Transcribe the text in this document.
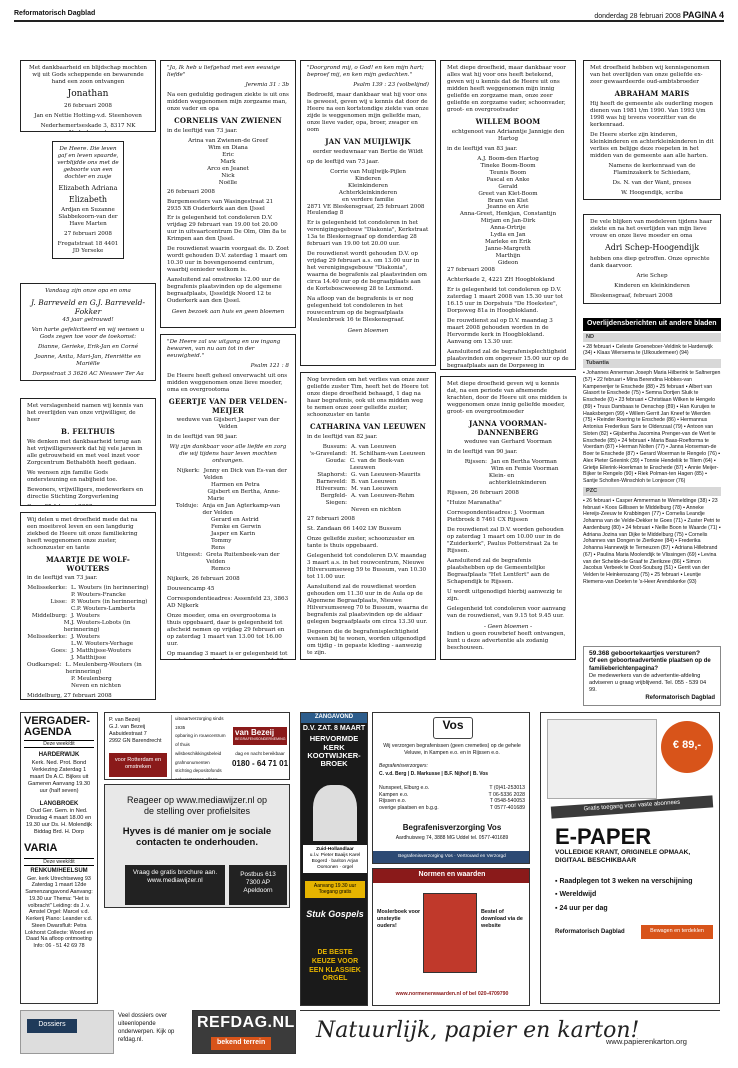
Reformatorisch Dagblad	donderdag 28 februari 2008 PAGINA 4

Met dankbaarheid en blijdschap mochten wij uit Gods scheppende en bewarende hand een zoon ontvangen

Jonathan

26 februari 2008

Jan en Nettie Hotting-v.d. Steenhoven

Nederhemertseskade 3, 8317 NK

De Heere. Die leven gaf en leven spaarde, verblijdde ons met de geboorte van een dochter en zusje

Elizabeth Adriana

Elizabeth

Ardjan en Suzanne Slabbekoorn-van der Have Marten

27 februari 2008

Fregatstraat 18 4401 JD Yerseke

Vandaag zijn onze opa en oma

J. Barreveld en G.J. Barreveld-Fokker

45 jaar getrouwd!

Van harte gefeliciteerd en wij wensen u Gods zegen toe voor de toekomst:

Dianne, Gerieke, Erik-Jan en Corné

Joanne, Anita, Mari-Jan, Henriëtte en Mariëlle

Dorpsstraat 3 3626 AC Nieuwer Ter Aa

Met verslagenheid namen wij kennis van het overlijden van onze vrijwilliger, de heer

B. FELTHUIS

We denken met dankbaarheid terug aan het vrijwilligerswerk dat hij vele jaren in alle getrouwheid en met veel inzet voor Zorgcentrum Bethaböth heeft gedaan.

We wensen zijn familie Gods ondersteuning en nabijheid toe.

Bewoners, vrijwilligers, medewerkers en directie Stichting Zorgverlening

Wij delen u met droefheid mede dat na een moeitevol leven en een langdurig ziekbed de Heere uit onze familiekring heeft weggenomen onze zuster, schoonzuster en tante

MAARTJE DE WOLF-WOUTERS

in de leeftijd van 73 jaar.

Melissekerke: L. Wouters (in herinnering)
P. Wouters-Francke
Lisse: P. Wouters (in herinnering)
C.P. Wouters-Lamberts
Middelburg: J. Wouters
M.J. Wouters-Lobots (in herinnering)
Melissekerke: J. Wouters
L.W. Wouters-Verhage
Goes: J. Matthijsse-Wouters
J. Matthijsse
Oudkarspel: L. Meulenberg-Wouters (in herinnering)
P. Meulenberg
Neven en nichten

Middelburg, 27 februari 2008

"Ja, Ik heb u liefgehad met een eeuwige liefde"

Jeremia 31 : 3b

Na een geduldig gedragen ziekte is uit ons midden weggenomen mijn zorgzame man, onze vader en opa

CORNELIS VAN ZWIENEN

in de leeftijd van 73 jaar.

Arina van Zwienen-de Greef
Wim en Diana
Eric
Mark
Arco en Jeanet
Nick
Noëlle

26 februari 2008

Burgemeesters van Wasingestraat 21 2935 XB Ouderkerk aan den IJssel

Er is gelegenheid tot condoleren D.V. vrijdag 29 februari van 19.00 tot 20.00 uur in uitvaartcentrum De Olm, Olm 8a te Krimpen aan den IJssel.

De rouwdienst waarin voorgaat ds. D. Zoet wordt gehouden D.V. zaterdag 1 maart om 10.30 uur in bovengenoemd centrum, waarbij eenieder welkom is.

Aansluitend zal omstreeks 12.00 uur de begrafenis plaatsvinden op de algemene begraafplaats, IJsseldijk Noord 12 te Ouderkerk aan den IJssel.

Geen bezoek aan huis en geen bloemen

"De Heere zal uw uitgang en uw ingang bewaren, van nu aan tot in der eeuwigheid."

Psalm 121 : 8

De Heere heeft geheel onverwacht uit ons midden weggenomen onze lieve moeder, oma en overgrootoma

GEERTJE VAN DER VELDEN-MEIJER

weduwe van Gijsbert Jasper van der Velden

in de leeftijd van 98 jaar.

Wij zijn dankbaar voor alle liefde en zorg die wij tijdens haar leven mochten ontvangen.

Nijkerk: Jenny en Dick van Es-van der Velden
Harmen en Petra
Gijsbert en Bertha, Anne-Marie
Tolduje: Anja en Jan Agterkamp-van der Velden
Gerard en Astrid
Femke en Gerwin
Jasper en Karin
Tommy
Rens
Uitgeest: Greta Ruitenbeek-van der Velden
Remco

Nijkerk, 26 februari 2008

Douwencamp 45

Correspondentieadres: Assenfeld 23, 3863 AD Nijkerk

Onze moeder, oma en overgrootoma is thuis opgebaard, daar is gelegenheid tot afscheid nemen op vrijdag 29 februari en op zaterdag 1 maart van 13.00 tot 16.00 uur.

Op maandag 3 maart is er gelegenheid tot

"Doorgrond mij, o God! en ken mijn hart; beproef mij, en ken mijn gedachten."

Psalm 139 : 23 (volbelijnd)

Bedroefd, maar dankbaar wat hij voor ons is geweest, geven wij u kennis dat door de Heere na een kortstondige ziekte van onze zijde is weggenomen mijn geliefde man, onze lieve vader, opa, broer, zwager en oom

JAN VAN MUIJLWIJK

eerder weduwnaar van Bertie de Wildt

op de leeftijd van 73 jaar.

Corrie van Muijlwijk-Pijlen
Kinderen
Kleinkinderen
Achterkleinkinderen
en verdere familie

2871 VE Bleskensgraaf, 25 februari 2008 Heulendag 8

Er is gelegenheid tot condoleren in het verenigingsgebouw "Diakonia", Kerkstraat 13a te Bleskensgraaf op donderdag 28 februari van 19.00 tot 20.00 uur.

De rouwdienst wordt gehouden D.V. op vrijdag 29 februari a.s. om 13.00 uur in het verenigingsgebouw "Diakonia", waarna de begrafenis zal plaatsvinden om circa 14.40 uur op de begraafplaats aan de Korteboscweeweg 28 te Lexmond.

Na afloop van de begrafenis is er nog gelegenheid tot condoleren in het rouwcentrum op de begraafplaats Meulenbroek 16 te Bleskensgraaf.

Geen bloemen

Nog tevreden om het verlies van onze zeer geliefde zuster Tim, heeft het de Heere tot onze diepe droefheid behaagd, 1 dag na haar begrafenis, ook uit ons midden weg te nemen onze zeer geliefde zuster, schoonzuster en tante

CATHARINA VAN LEEUWEN

in de leeftijd van 82 jaar.

Bussum: A. van Leeuwen
's-Graveland: H. Schilham-van Leeuwen
Gouda: C. van de Beek-van Leeuwen
Staphorst: G. van Leeuwen-Maurits
Barneveld: B. van Leeuwen
Hilversum: M. van Leeuwen
Bergfeld-Siegen:
A. van Leeuwen-Rehm
Neven en nichten

27 februari 2008

St. Zandaan 66 1402 LW Bussum

Onze geliefde zuster, schoonzuster en tante is thuis opgebaard.

Gelegenheid tot condoleren D.V. maandag 3 maart a.s. in het rouwcentrum, Nieuwe Hilversumseweg 59 te Bussum, van 10.30 tot 11.00 uur.

Aansluitend zal de rouwdienst worden gehouden om 11.30 uur in de Aula op de Algemene Begraafplaats, Nieuwe Hilversumseweg 70 te Bussum, waarna de begrafenis zal plaatsvinden op de aldaar gelegen begraafplaats om circa 13.30 uur.

Degenen die de begrafenisplechtigheid wensen bij te wonen, worden uitgenodigd om tijdig - in gepaste kleding - aanwezig te zijn.

Met diepe droefheid, maar dankbaar voor alles wat hij voor ons heeft betekend, geven wij u kennis dat de Heere uit ons midden heeft weggenomen mijn innig geliefde en zorgzame man, onze zeer geliefde en zorgzame vader, schoonvader, groot- en overgrootvader

WILLEM BOOM

echtgenoot van Adrianntje Jannigje den Hartog

in de leeftijd van 83 jaar.

A.J. Boom-den Hartog
Tineke Boom-Boom
Teunis Boom
Pascal en Anke
Gerald
Greet van Klet-Boom
Bram van Klet
Jeanne en Arie
Anna-Greet, Henkjan, Constantijn
Mirjam en Jan-Dirk
Anna-Ortrije
Lydia en Jan
Marleke en Erik
Janne-Margreth
Marthijn
Gideon

27 februari 2008

Achterkade 2, 4221 ZH Hoogblokland

Er is gelegenheid tot condoleren op D.V. zaterdag 1 maart 2008 van 15.30 uur tot 16.15 uur in Dorpshuis "De Hoekstee", Dorpsweg 81a in Hoogblokland.

De rouwdienst zal op D.V. maandag 3 maart 2008 gehouden worden in de Hervormde kerk in Hoogblokland. Aanvang om 13.30 uur.

Aansluitend zal de begrafenisplechtigheid plaatsvinden om ongeveer 15.00 uur op de begraafplaats aan de Dorpsweg in

Met diepe droefheid geven wij u kennis dat, na een periode van afnemende krachten, door de Heere uit ons midden is weggenomen onze innig geliefde moeder, groot- en overgrootmoeder

JANNA VOORMAN-DANNENBERG

weduwe van Gerhard Voorman

in de leeftijd van 90 jaar.

Rijssen: Jan en Bertha Voorman
Wim en Femie Voorman
Klein- en achterkleinkinderen

Rijssen, 26 februari 2008

"Huize Maranatha"

Correspondentieadres: J. Voorman Pietbroek 8 7461 CX Rijssen

De rouwdienst zal D.V. worden gehouden op zaterdag 1 maart om 10.00 uur in de "Zuiderkerk", Paulus Potterstraat 2a te Rijssen.

Aansluitend zal de begrafenis plaatshebben op de Gemeentelijke Begraafplaats "Het Lentfert" aan de Schapendijk te Rijssen.

U wordt uitgenodigd hierbij aanwezig te zijn.

Gelegenheid tot condoleren voor aanvang van de rouwdienst, van 9.15 tot 9.45 uur.

- Geen bloemen -

Indien u geen rouwbrief heeft ontvangen, kunt u deze advertentie als zodanig beschouwen.

Met droefheid hebben wij kennisgenomen van het overlijden van onze geliefde ex-zeer gewaardeerde oud-ambtsbroeder

ABRAHAM MARIS

Hij heeft de gemeente als ouderling mogen dienen van 1981 t/m 1990. Van 1993 t/m 1998 was hij tevens voorzitter van de kerkenraad.

De Heere sterke zijn kinderen, kleinkinderen en achterkleinkinderen in dit verlies en belijge deze roepeten in het midden van de gemeente aan alle harten.

Namens de kerkenraad van de Flaminzakerk te Schiedam,

Ds. N. van der Want, preses

W. Hoogendijk, scriba

De vele blijken van medeleven tijdens haar ziekte en na het overlijden van mijn lieve vrouw en onze lieve moeder en oma

Adri Schep-Hoogendijk

hebben ons diep getroffen. Onze oprechte dank daarvoor.

Arie Schep

Kinderen en kleinkinderen

Bleskensgraaf, februari 2008

Overlijdensberichten uit andere bladen
ND
▪ 28 februari ▪ Celeste Groeneboer-Veldink te Harderwijk (34) ▪ Klaas Wiersema te (Ulkoudermeer) (94)
Tubantia
▪ Johannes Annerman Joseph Maria Hilberink te Saltnergen (57) ▪ 22 februari ▪ Mina Berendina Hobkes-van Kampenerijer te Enschede (88) ▪ 25 februari ▪ Albert van Glasort te Enschede (75) ▪ Semna Dortjen Sluik te Enschede (0) ▪ 23 februari ▪ Christiaan Wilken te Hengelo (89) ▪ Truus Dambaas te Oenschop (89) ▪ Han Kuruijes te Haaksbergen (99) ▪ Willem Gerrit Jan Kneef te Wierden (75) ▪ Reinder Roering te Enschede (86) ▪ Hermannus Antonius Frederikus Sars te Oldenzaal (79) ▪ Antoon van Sloten (82) ▪ Gijsbertha Jacomina Prenger-van de Wert te Enschede (85) ▪ 24 februari ▪ Maria Baas-Roeftorma te Voerdam (87) ▪ Herman Nolten (77) ▪ Janna Horseman-de Boer te Enschede (87) ▪ Gerard Woerman te Rengelo (76) ▪ Alex Pieter Grienink (39) ▪ Tonnie Hendeliik te Tilem (64) ▪ Grietje Eilerink-Hoerkman te Enschede (87) ▪ Annie Meijer-Bijker te Rengelo (90) ▪ Riek Polman-ten Hagen (85) ▪ Santje Scholten-Winschloh te Lonjescer (76)
PZC
▪ 26 februari ▪ Casper Ammerman te Wemeldinge (38) ▪ 23 februari ▪ Koos Gillissen te Middelburg (78) ▪ Anneke Hereijs-Zeeuw te Krabbingen (77) ▪ Cornelia Leandje Johanna van de Velde-Dekker te Goes (71) ▪ Zuster Petri te Aardenburg (80) ▪ 24 februari ▪ Nellie Boon te Waarde (71) ▪ Adriana Jozina van Dijke te Middelburg (75) ▪ Cornelis Johannes van Dongen te Zierikzee (84) ▪ Frederika Johanna Hannewijk te Terneuzen (87) ▪ Adriana Hillebrand (67) ▪ Paulina Maria Moolendijk te Vlissingen (69) ▪ Levina van der Schelde-de Graaf te Zierikzee (86) ▪ Simon Jacobus Verbeek te Oost-Souburg (51) ▪ Gerrit van der Velden te Heinkenszang (75) ▪ 25 februari ▪ Leuntje Riemens-van Doeten te 's-Heer Arendskerke (93)
59.368 geboortekaartjes versturen?
Of een geboorteadvertentie plaatsen op de familieberichtenpagina?
De medewerkers van de advertentie-afdeling adviseren u graag vrijblijvend. Tel. 055 - 539 04 99.
Reformatorisch Dagblad
VERGADER-
AGENDA
Deze week/dit
HARDERWIJK
Kerk. Ned. Prot. Bond Verkiezing Zaterdag 1 maart Ds A.C. Bijkes uit Gameren Aanvang 19.30 uur (half seven)
LANGBROEK
Oud Ger. Gem. in Ned. Dinsdag 4 maart 18.00 en 19.30 uur Ds. H. Molendijk Biddag Brd. H. Dorp
VARIA
Deze week/dit
RENKUM/HEELSUM
Ger. kerk Utrechtseweg 93 Zaterdag 1 maart 12de Samenzangavond Aanvang: 19.30 uur Thema: "Het is volbracht" Leiding: ds J. v. Amstel Orgel: Marcel v.d. Kerkerij Piano: Leander v.d. Steen Dwarsfluit: Petra Lokhorst Collecte: Woord en Daad Na afloop ontmoeting Info: 06 - 51 42 69 78
P. van Bezeij
G.J. van Bezeij
Aabuidestraat 7
2992 GN Barendrecht
voor Rotterdam en omstreken
uitvaartverzorging sinds 1935
opbaring in rouwcentrum of thuis
wilsbeschikkingsbeleid
grafmonumenten
stichting depositofonds
ook verzorgen alleen
van Bezeij
BEGRAFENISONDERNEMING
dag en nacht bereikbaar
0180 - 64 71 01
Reageer op www.mediawijzer.nl op
de stelling over profielsites
Hyves is dé manier om je sociale
contacten te onderhouden.
Vraag de gratis brochure aan. www.mediawijzer.nl
Postbus 613 7300 AP Apeldoorn
Dossiers
Veel dossiers over uiteenlopende onderwerpen. Kijk op refdag.nl.
REFDAG.NL
bekend terrein
ZANGAVOND
D.V. ZAT. 8 MAART
HERVORMDE
KERK
KOOTWIJKER-
BROEK
Zuid-Hollandlaar
u.l.v. Pieter Baaijs Karel Bogerd · bariton Arjan Oorsonen · orgel
Aanvang 19.30 uur Toegang gratis
Stuk Gospels
DE BESTE KEUZE VOOR EEN KLASSIEK ORGEL
Vos
Wij verzorgen begrafenissen (geen cremeties) op de gehele Veluwe, in Kampen e.o. en in Rijssen e.o.
Begrafenisverzorgers:
C. v.d. Berg | D. Markusse | B.F. Nijhof | B. Vos
Nunspeet, Elburg e.o.	T (0)41-253013
Kampen e.o.	T 06-5336 2028
Rijssen e.o.	T 0548-540053
overige plaatsen en b.g.g.	T 0577-401689
Begrafenisverzorging Vos
Aardhuisweg 74, 3888 MG Uddel tel. 0577-401689
Begrafenisverzorging Vos · Vertrouwd en Verzorgd
Normen en waarden
Moslerboek voor unsteytie ouders!
Bestel of download via de website
www.normenenwaarden.nl of bel 020-4709790
€ 89,-
Gratis toegang voor vaste abonnees
E-PAPER
VOLLEDIGE KRANT, ORIGINELE OPMAAK, DIGITAAL BESCHIKBAAR
▪ Raadplegen tot 3 weken na verschijning
▪ Wereldwijd
▪ 24 uur per dag
Reformatorisch Dagblad	Bewagen en terdeklen
Natuurlijk, papier en karton!
www.papierenkarton.org
